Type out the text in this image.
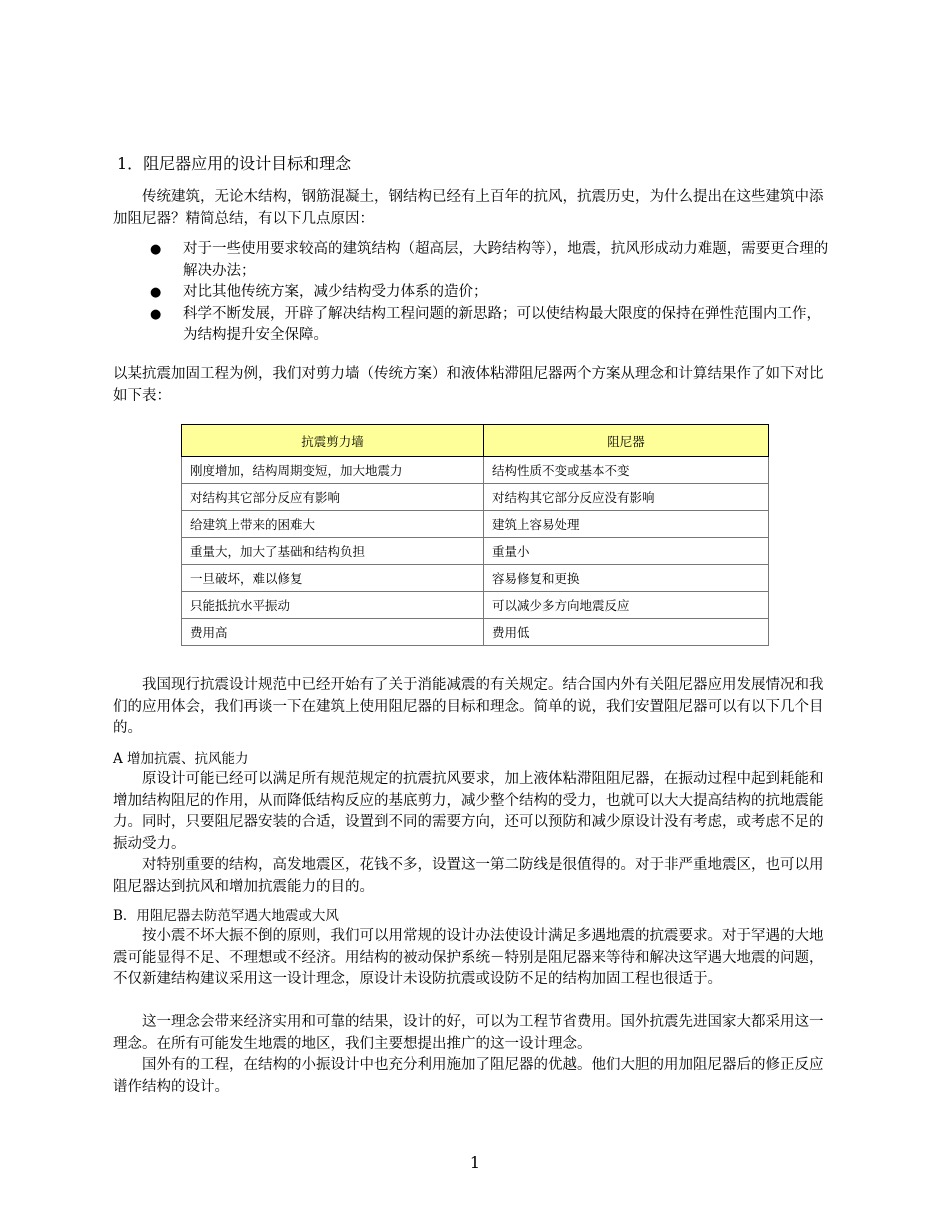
1．阻尼器应用的设计目标和理念

传统建筑，无论木结构，钢筋混凝土，钢结构已经有上百年的抗风，抗震历史，为什么提出在这些建筑中添加阻尼器？精简总结，有以下几点原因：

● 对于一些使用要求较高的建筑结构（超高层，大跨结构等），地震，抗风形成动力难题，需要更合理的解决办法；
● 对比其他传统方案，减少结构受力体系的造价；
● 科学不断发展，开辟了解决结构工程问题的新思路；可以使结构最大限度的保持在弹性范围内工作，为结构提升安全保障。

以某抗震加固工程为例，我们对剪力墙（传统方案）和液体粘滞阻尼器两个方案从理念和计算结果作了如下对比如下表：

抗震剪力墙	阻尼器
刚度增加，结构周期变短，加大地震力	结构性质不变或基本不变
对结构其它部分反应有影响	对结构其它部分反应没有影响
给建筑上带来的困难大	建筑上容易处理
重量大，加大了基础和结构负担	重量小
一旦破坏，难以修复	容易修复和更换
只能抵抗水平振动	可以减少多方向地震反应
费用高	费用低

我国现行抗震设计规范中已经开始有了关于消能减震的有关规定。结合国内外有关阻尼器应用发展情况和我们的应用体会，我们再谈一下在建筑上使用阻尼器的目标和理念。简单的说，我们安置阻尼器可以有以下几个目的。

A 增加抗震、抗风能力

原设计可能已经可以满足所有规范规定的抗震抗风要求，加上液体粘滞阻阻尼器，在振动过程中起到耗能和增加结构阻尼的作用，从而降低结构反应的基底剪力，减少整个结构的受力，也就可以大大提高结构的抗地震能力。同时，只要阻尼器安装的合适，设置到不同的需要方向，还可以预防和减少原设计没有考虑，或考虑不足的振动受力。

对特别重要的结构，高发地震区，花钱不多，设置这一第二防线是很值得的。对于非严重地震区，也可以用阻尼器达到抗风和增加抗震能力的目的。

B．用阻尼器去防范罕遇大地震或大风

按小震不坏大振不倒的原则，我们可以用常规的设计办法使设计满足多遇地震的抗震要求。对于罕遇的大地震可能显得不足、不理想或不经济。用结构的被动保护系统－特别是阻尼器来等待和解决这罕遇大地震的问题，不仅新建结构建议采用这一设计理念，原设计未设防抗震或设防不足的结构加固工程也很适于。

这一理念会带来经济实用和可靠的结果，设计的好，可以为工程节省费用。国外抗震先进国家大都采用这一理念。在所有可能发生地震的地区，我们主要想提出推广的这一设计理念。

国外有的工程，在结构的小振设计中也充分利用施加了阻尼器的优越。他们大胆的用加阻尼器后的修正反应谱作结构的设计。

1
